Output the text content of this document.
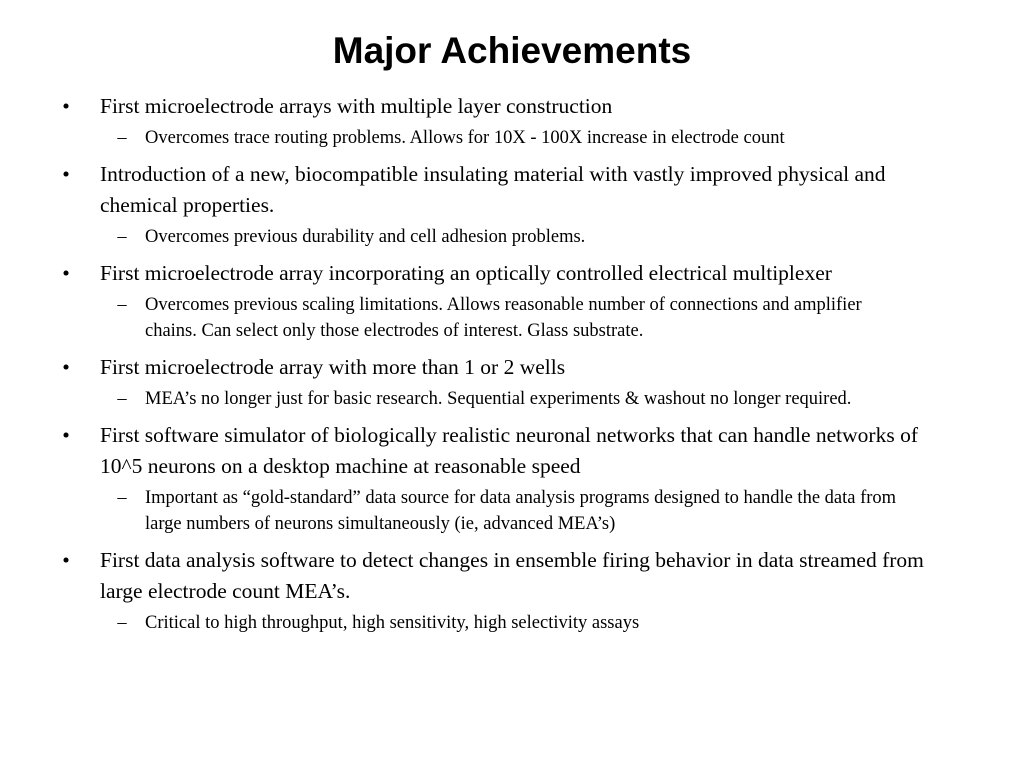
Major Achievements
• First microelectrode arrays with multiple layer construction
– Overcomes trace routing problems. Allows for 10X - 100X increase in electrode count
• Introduction of a new, biocompatible insulating material with vastly improved physical and chemical properties.
– Overcomes previous durability and cell adhesion problems.
• First microelectrode array incorporating an optically controlled electrical multiplexer
– Overcomes previous scaling limitations. Allows reasonable number of connections and amplifier chains. Can select only those electrodes of interest. Glass substrate.
• First microelectrode array with more than 1 or 2 wells
– MEA’s no longer just for basic research. Sequential experiments & washout no longer required.
• First software simulator of biologically realistic neuronal networks that can handle networks of 10^5 neurons on a desktop machine at reasonable speed
– Important as “gold-standard” data source for data analysis programs designed to handle the data from large numbers of neurons simultaneously (ie, advanced MEA’s)
• First data analysis software to detect changes in ensemble firing behavior in data streamed from large electrode count MEA’s.
– Critical to high throughput, high sensitivity, high selectivity assays
